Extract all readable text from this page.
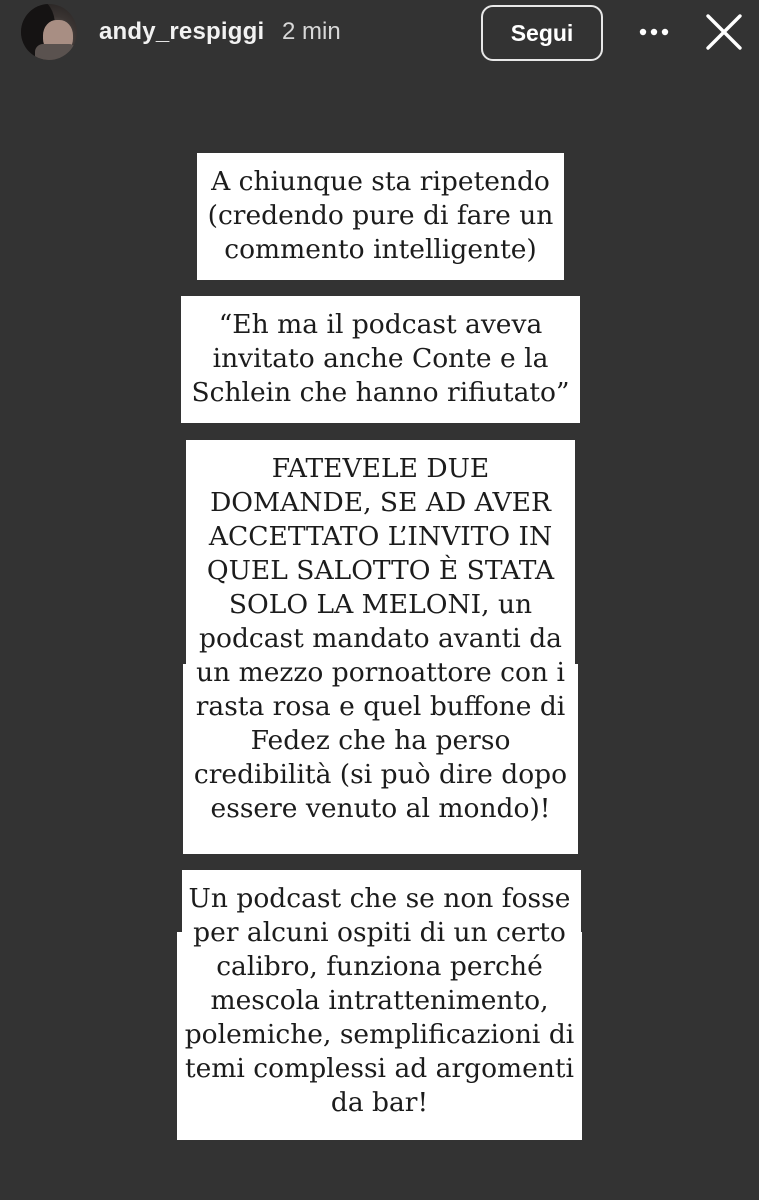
andy_respiggi 2 min	Segui
A chiunque sta ripetendo
(credendo pure di fare un
commento intelligente)
“Eh ma il podcast aveva
invitato anche Conte e la
Schlein che hanno rifiutato”
FATEVELE DUE
DOMANDE, SE AD AVER
ACCETTATO L’INVITO IN
QUEL SALOTTO È STATA
SOLO LA MELONI, un
podcast mandato avanti da
un mezzo pornoattore con i
rasta rosa e quel buffone di
Fedez che ha perso
credibilità (si può dire dopo
essere venuto al mondo)!
Un podcast che se non fosse
per alcuni ospiti di un certo
calibro, funziona perché
mescola intrattenimento,
polemiche, semplificazioni di
temi complessi ad argomenti
da bar!
